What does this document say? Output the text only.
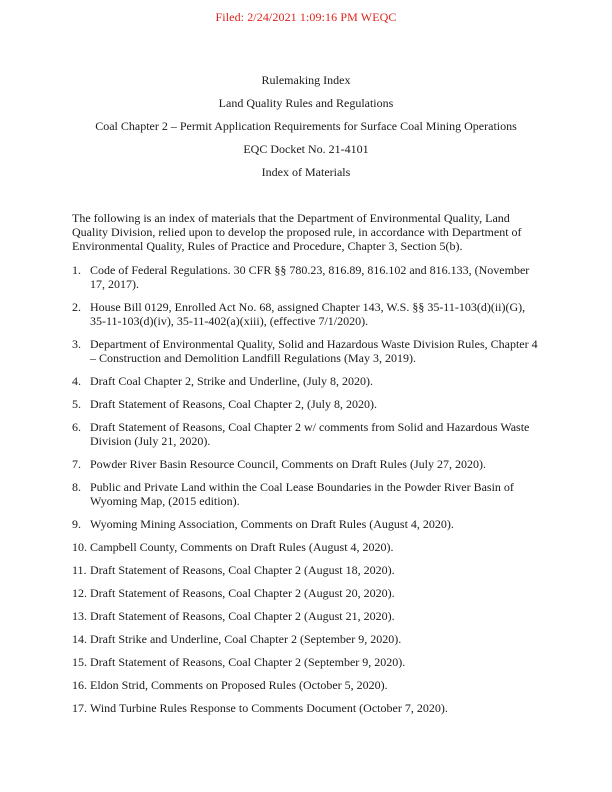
Filed: 2/24/2021 1:09:16 PM WEQC
Rulemaking Index
Land Quality Rules and Regulations
Coal Chapter 2 – Permit Application Requirements for Surface Coal Mining Operations
EQC Docket No. 21-4101
Index of Materials
The following is an index of materials that the Department of Environmental Quality, Land Quality Division, relied upon to develop the proposed rule, in accordance with Department of Environmental Quality, Rules of Practice and Procedure, Chapter 3, Section 5(b).
1. Code of Federal Regulations. 30 CFR §§ 780.23, 816.89, 816.102 and 816.133, (November 17, 2017).
2. House Bill 0129, Enrolled Act No. 68, assigned Chapter 143, W.S. §§ 35-11-103(d)(ii)(G), 35-11-103(d)(iv), 35-11-402(a)(xiii), (effective 7/1/2020).
3. Department of Environmental Quality, Solid and Hazardous Waste Division Rules, Chapter 4 – Construction and Demolition Landfill Regulations (May 3, 2019).
4. Draft Coal Chapter 2, Strike and Underline, (July 8, 2020).
5. Draft Statement of Reasons, Coal Chapter 2, (July 8, 2020).
6. Draft Statement of Reasons, Coal Chapter 2 w/ comments from Solid and Hazardous Waste Division (July 21, 2020).
7. Powder River Basin Resource Council, Comments on Draft Rules (July 27, 2020).
8. Public and Private Land within the Coal Lease Boundaries in the Powder River Basin of Wyoming Map, (2015 edition).
9. Wyoming Mining Association, Comments on Draft Rules (August 4, 2020).
10. Campbell County, Comments on Draft Rules (August 4, 2020).
11. Draft Statement of Reasons, Coal Chapter 2 (August 18, 2020).
12. Draft Statement of Reasons, Coal Chapter 2 (August 20, 2020).
13. Draft Statement of Reasons, Coal Chapter 2 (August 21, 2020).
14. Draft Strike and Underline, Coal Chapter 2 (September 9, 2020).
15. Draft Statement of Reasons, Coal Chapter 2 (September 9, 2020).
16. Eldon Strid, Comments on Proposed Rules (October 5, 2020).
17. Wind Turbine Rules Response to Comments Document (October 7, 2020).
